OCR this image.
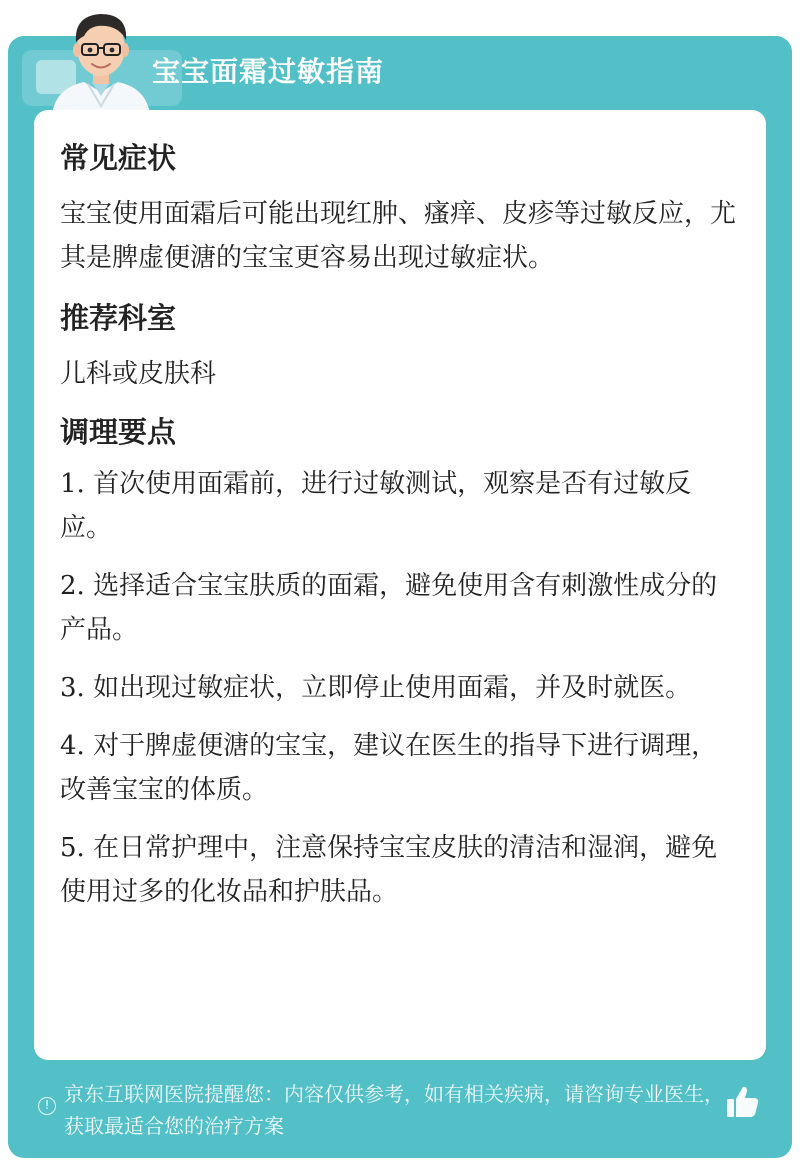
宝宝面霜过敏指南
常见症状
宝宝使用面霜后可能出现红肿、瘙痒、皮疹等过敏反应，尤其是脾虚便溏的宝宝更容易出现过敏症状。
推荐科室
儿科或皮肤科
调理要点
1. 首次使用面霜前，进行过敏测试，观察是否有过敏反应。
2. 选择适合宝宝肤质的面霜，避免使用含有刺激性成分的产品。
3. 如出现过敏症状，立即停止使用面霜，并及时就医。
4. 对于脾虚便溏的宝宝，建议在医生的指导下进行调理，改善宝宝的体质。
5. 在日常护理中，注意保持宝宝皮肤的清洁和湿润，避免使用过多的化妆品和护肤品。
! 京东互联网医院提醒您：内容仅供参考，如有相关疾病，请咨询专业医生，获取最适合您的治疗方案
